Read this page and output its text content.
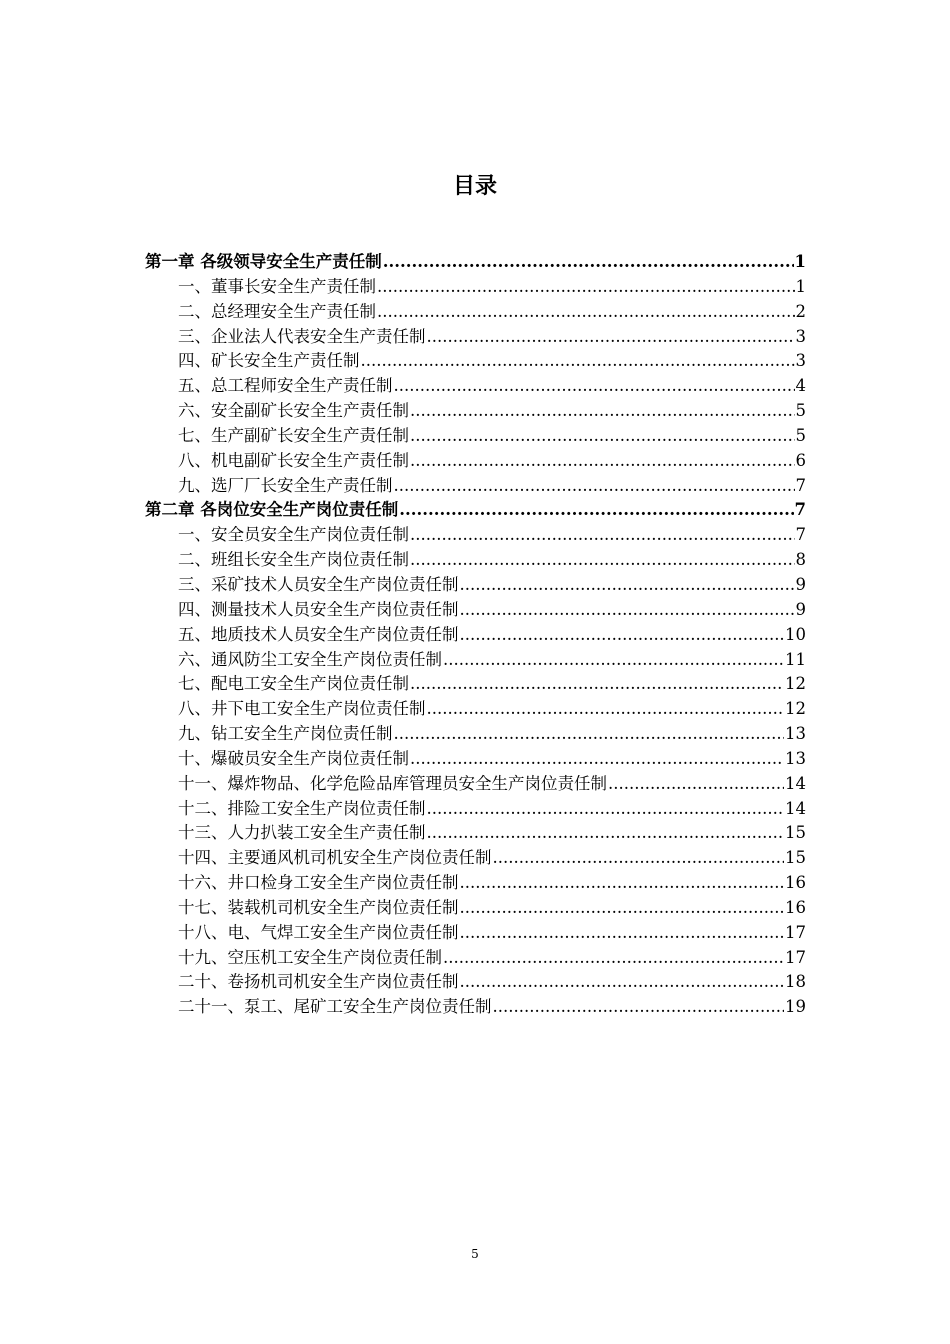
目录
第一章 各级领导安全生产责任制 .....	1
一、董事长安全生产责任制 .....	1
二、总经理安全生产责任制 .....	2
三、企业法人代表安全生产责任制 .....	3
四、矿长安全生产责任制 .....	3
五、总工程师安全生产责任制 .....	4
六、安全副矿长安全生产责任制 .....	5
七、生产副矿长安全生产责任制 .....	5
八、机电副矿长安全生产责任制 .....	6
九、选厂厂长安全生产责任制 .....	7
第二章 各岗位安全生产岗位责任制 .....	7
一、安全员安全生产岗位责任制 .....	7
二、班组长安全生产岗位责任制 .....	8
三、采矿技术人员安全生产岗位责任制 .....	9
四、测量技术人员安全生产岗位责任制 .....	9
五、地质技术人员安全生产岗位责任制 .....	10
六、通风防尘工安全生产岗位责任制 .....	11
七、配电工安全生产岗位责任制 .....	12
八、井下电工安全生产岗位责任制 .....	12
九、钻工安全生产岗位责任制 .....	13
十、爆破员安全生产岗位责任制 .....	13
十一、爆炸物品、化学危险品库管理员安全生产岗位责任制 .....	14
十二、排险工安全生产岗位责任制 .....	14
十三、人力扒装工安全生产责任制 .....	15
十四、主要通风机司机安全生产岗位责任制 .....	15
十六、井口检身工安全生产岗位责任制 .....	16
十七、装载机司机安全生产岗位责任制 .....	16
十八、电、气焊工安全生产岗位责任制 .....	17
十九、空压机工安全生产岗位责任制 .....	17
二十、卷扬机司机安全生产岗位责任制 .....	18
二十一、泵工、尾矿工安全生产岗位责任制 .....	19
5
